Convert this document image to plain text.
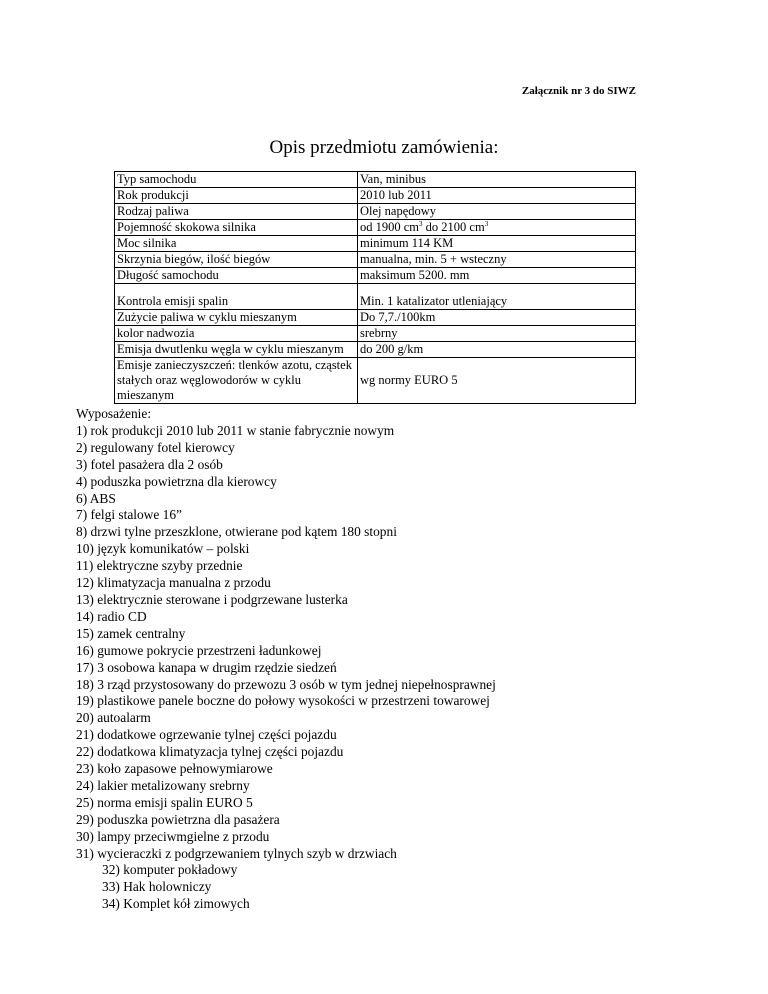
Załącznik nr 3 do SIWZ
Opis przedmiotu zamówienia:
Typ samochodu	Van, minibus
Rok produkcji	2010 lub 2011
Rodzaj paliwa	Olej napędowy
Pojemność skokowa silnika	od 1900 $cm^3$ do 2100 $cm^3$
Moc silnika	minimum 114 KM
Skrzynia biegów, ilość biegów	manualna, min. 5 + wsteczny
Długość samochodu	maksimum 5200. mm

Kontrola emisji spalin	Min. 1 katalizator utleniający
Zużycie paliwa w cyklu mieszanym	Do 7,7./100km
kolor nadwozia	srebrny
Emisja dwutlenku węgla w cyklu mieszanym	do 200 g/km
Emisje zanieczyszczeń: tlenków azotu, cząstek stałych oraz węglowodorów w cyklu mieszanym	wg normy EURO 5
Wyposażenie:
1) rok produkcji 2010 lub 2011 w stanie fabrycznie nowym
2) regulowany fotel kierowcy
3) fotel pasażera dla 2 osób
4) poduszka powietrzna dla kierowcy
6) ABS
7) felgi stalowe 16”
8) drzwi tylne przeszklone, otwierane pod kątem 180 stopni
10) język komunikatów – polski
11) elektryczne szyby przednie
12) klimatyzacja manualna z przodu
13) elektrycznie sterowane i podgrzewane lusterka
14) radio CD
15) zamek centralny
16) gumowe pokrycie przestrzeni ładunkowej
17) 3 osobowa kanapa w drugim rzędzie siedzeń
18) 3 rząd przystosowany do przewozu 3 osób w tym jednej niepełnosprawnej
19) plastikowe panele boczne do połowy wysokości w przestrzeni towarowej
20) autoalarm
21) dodatkowe ogrzewanie tylnej części pojazdu
22) dodatkowa klimatyzacja tylnej części pojazdu
23) koło zapasowe pełnowymiarowe
24) lakier metalizowany srebrny
25) norma emisji spalin EURO 5
29) poduszka powietrzna dla pasażera
30) lampy przeciwmgielne z przodu
31) wycieraczki z podgrzewaniem tylnych szyb w drzwiach
32) komputer pokładowy
33) Hak holowniczy
34) Komplet kół zimowych
